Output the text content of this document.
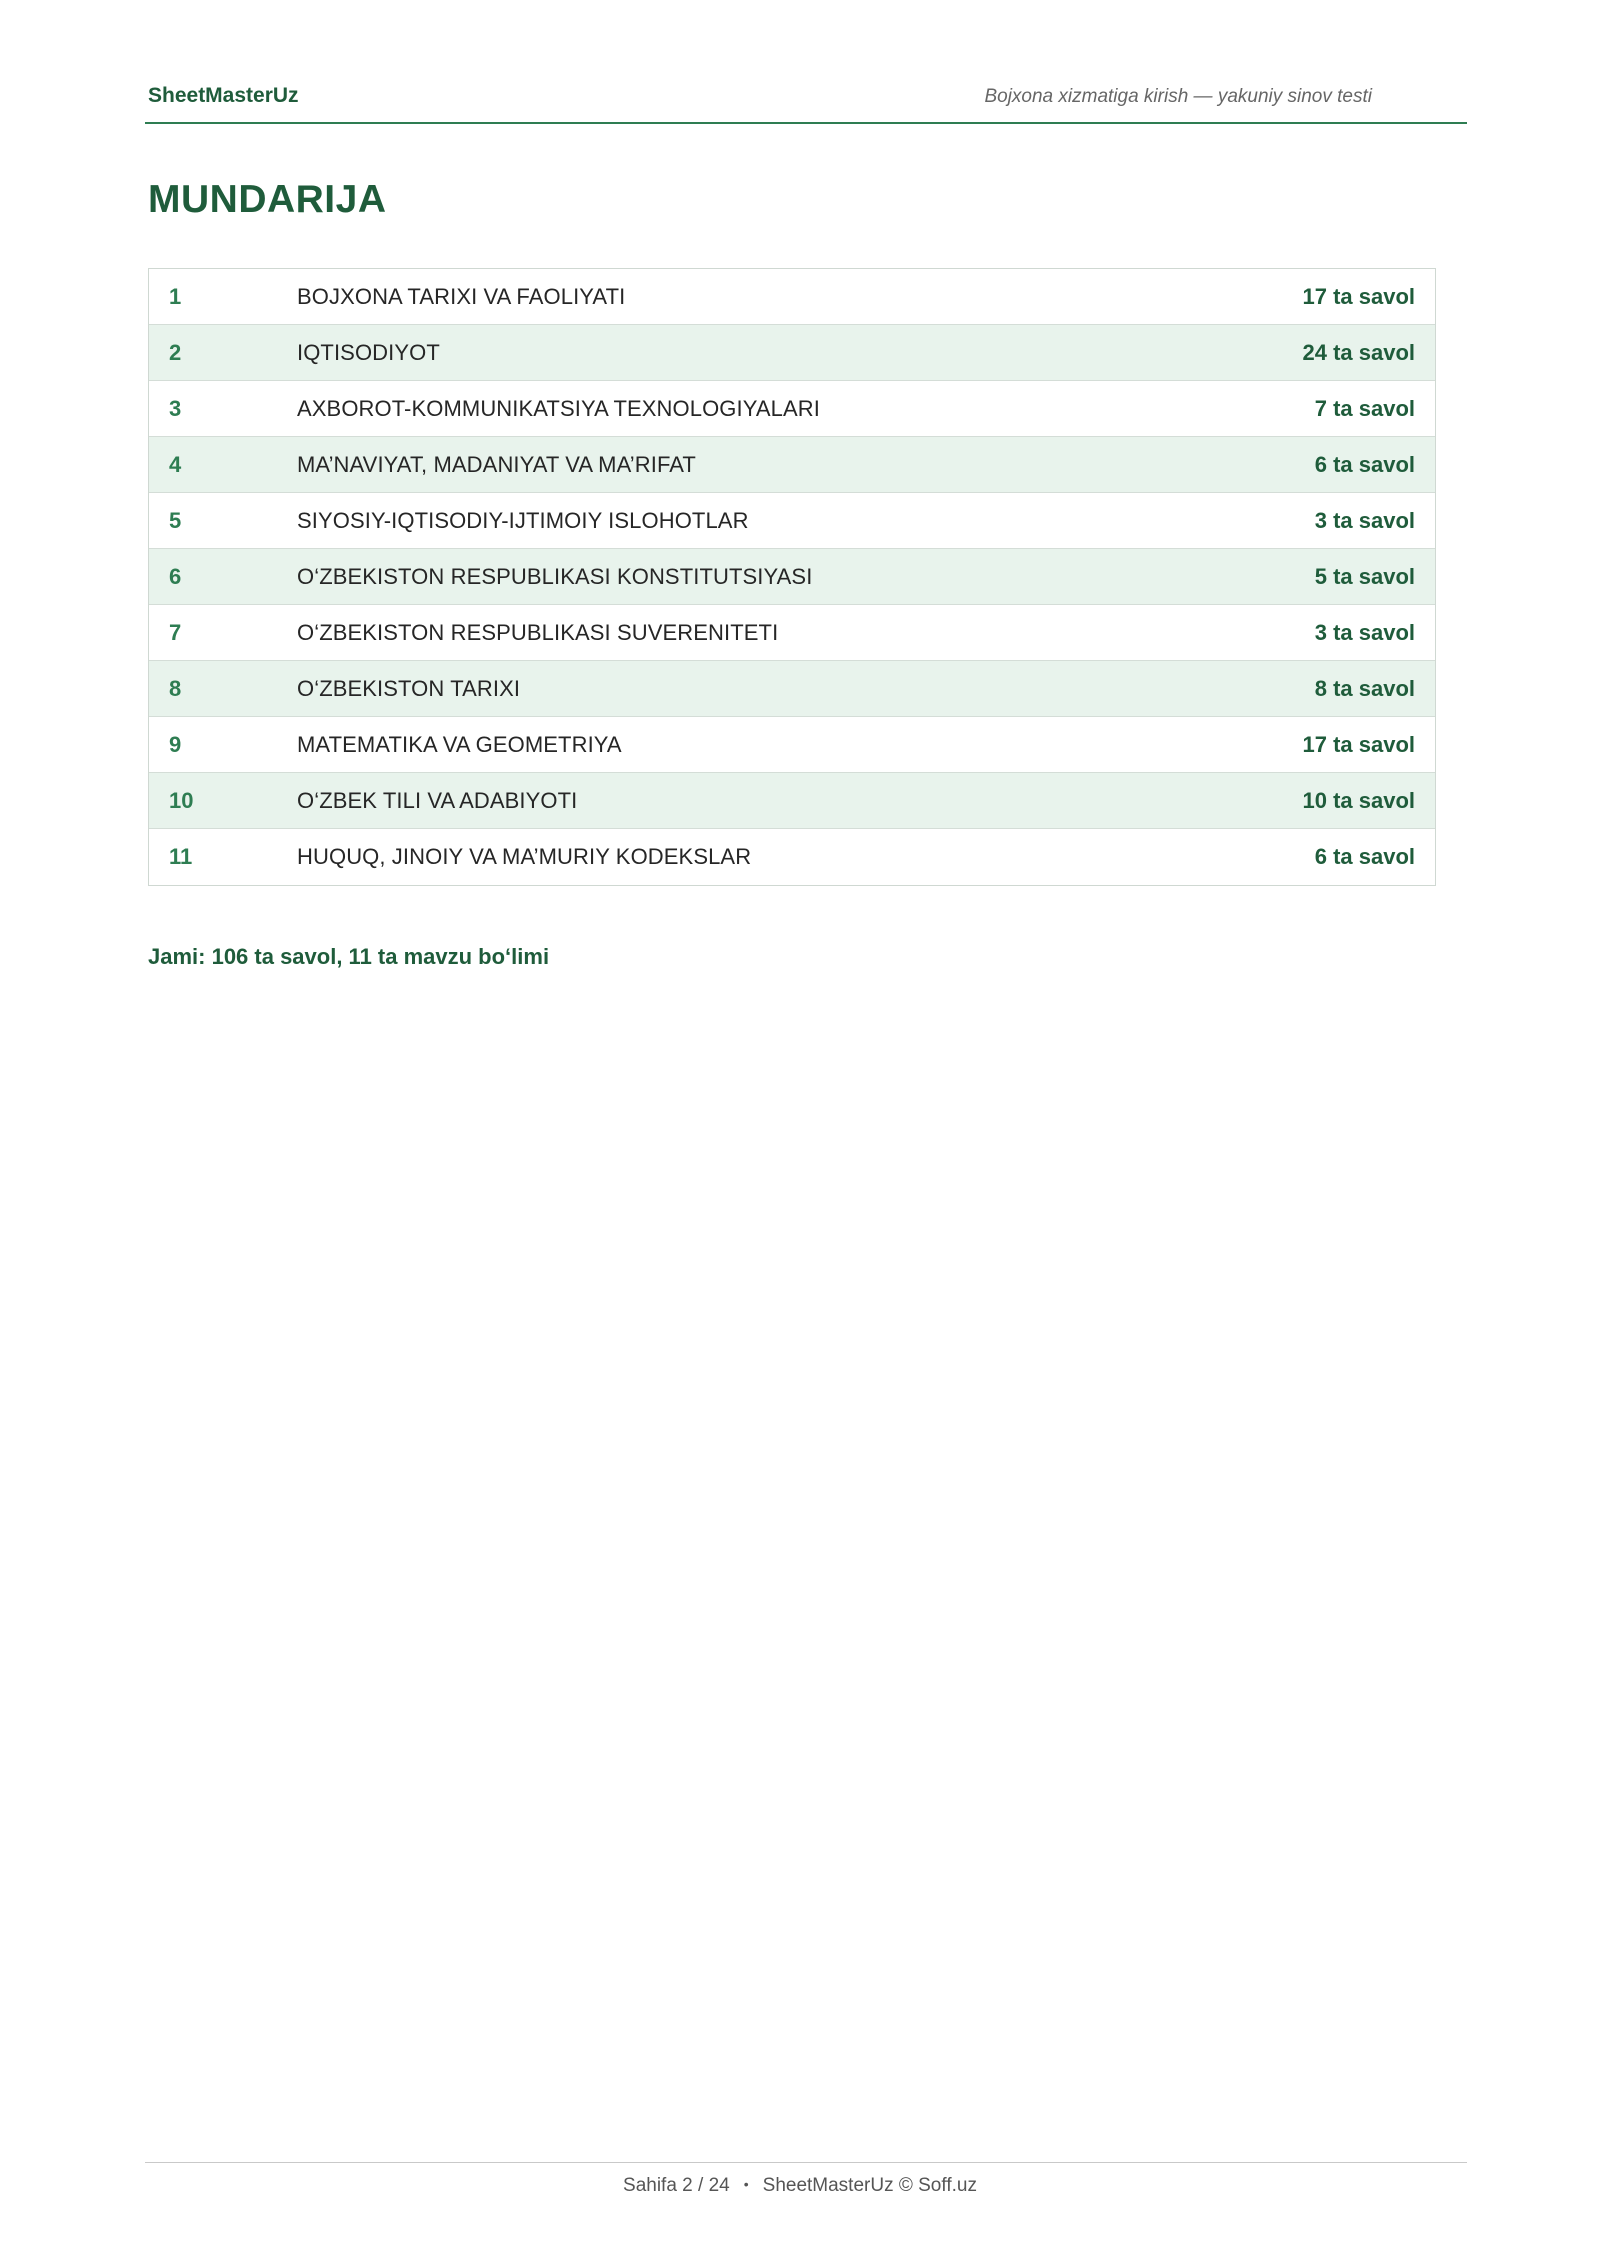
SheetMasterUz	Bojxona xizmatiga kirish — yakuniy sinov testi
MUNDARIJA
1	BOJXONA TARIXI VA FAOLIYATI	17 ta savol
2	IQTISODIYOT	24 ta savol
3	AXBOROT-KOMMUNIKATSIYA TEXNOLOGIYALARI	7 ta savol
4	MA’NAVIYAT, MADANIYAT VA MA’RIFAT	6 ta savol
5	SIYOSIY-IQTISODIY-IJTIMOIY ISLOHOTLAR	3 ta savol
6	O‘ZBEKISTON RESPUBLIKASI KONSTITUTSIYASI	5 ta savol
7	O‘ZBEKISTON RESPUBLIKASI SUVERENITETI	3 ta savol
8	O‘ZBEKISTON TARIXI	8 ta savol
9	MATEMATIKA VA GEOMETRIYA	17 ta savol
10	O‘ZBEK TILI VA ADABIYOTI	10 ta savol
11	HUQUQ, JINOIY VA MA’MURIY KODEKSLAR	6 ta savol
Jami: 106 ta savol, 11 ta mavzu bo‘limi
Sahifa 2 / 24 • SheetMasterUz © Soff.uz
